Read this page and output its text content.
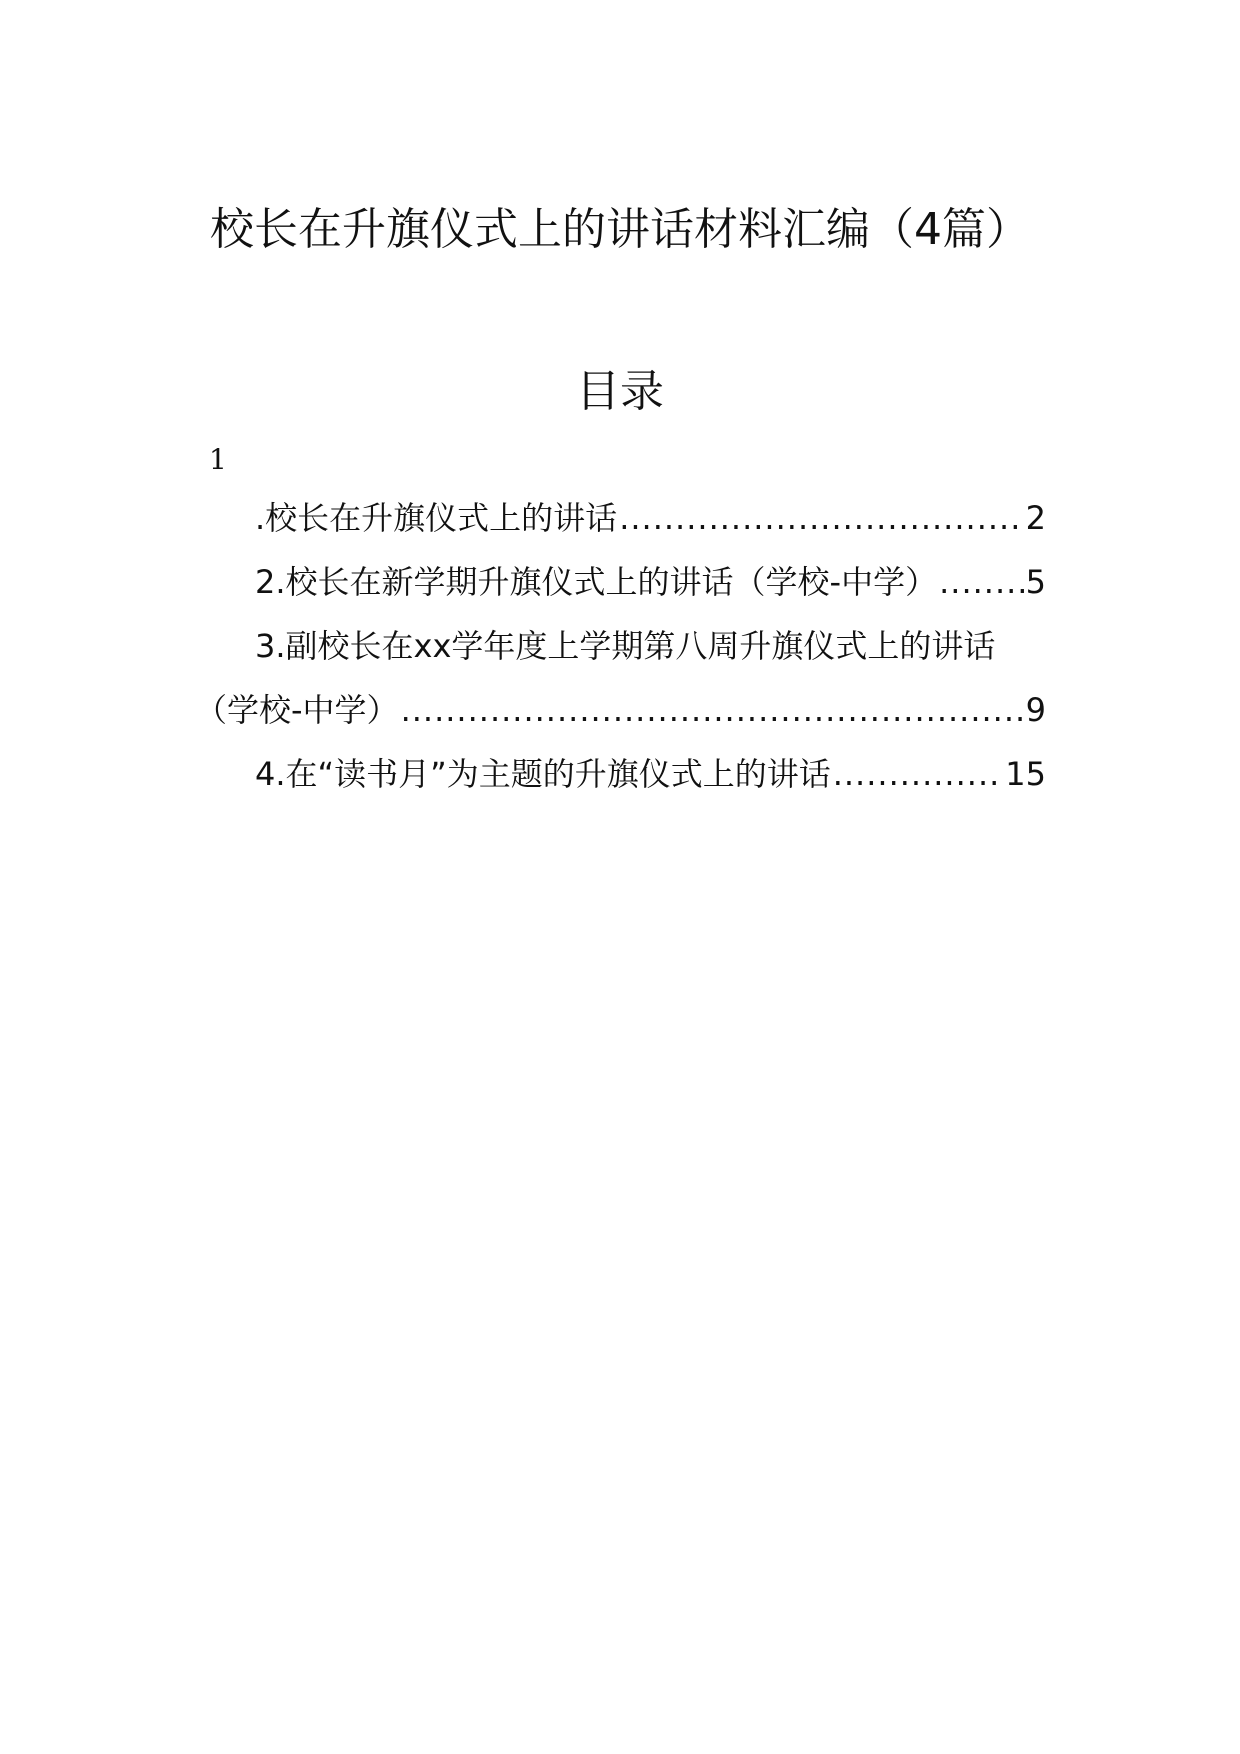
校长在升旗仪式上的讲话材料汇编（4篇）
目录
1
.校长在升旗仪式上的讲话 .....	2
2.校长在新学期升旗仪式上的讲话（学校-中学） .....	5
3.副校长在xx学年度上学期第八周升旗仪式上的讲话
（学校-中学） .....	9
4.在“读书月”为主题的升旗仪式上的讲话 .....	15
